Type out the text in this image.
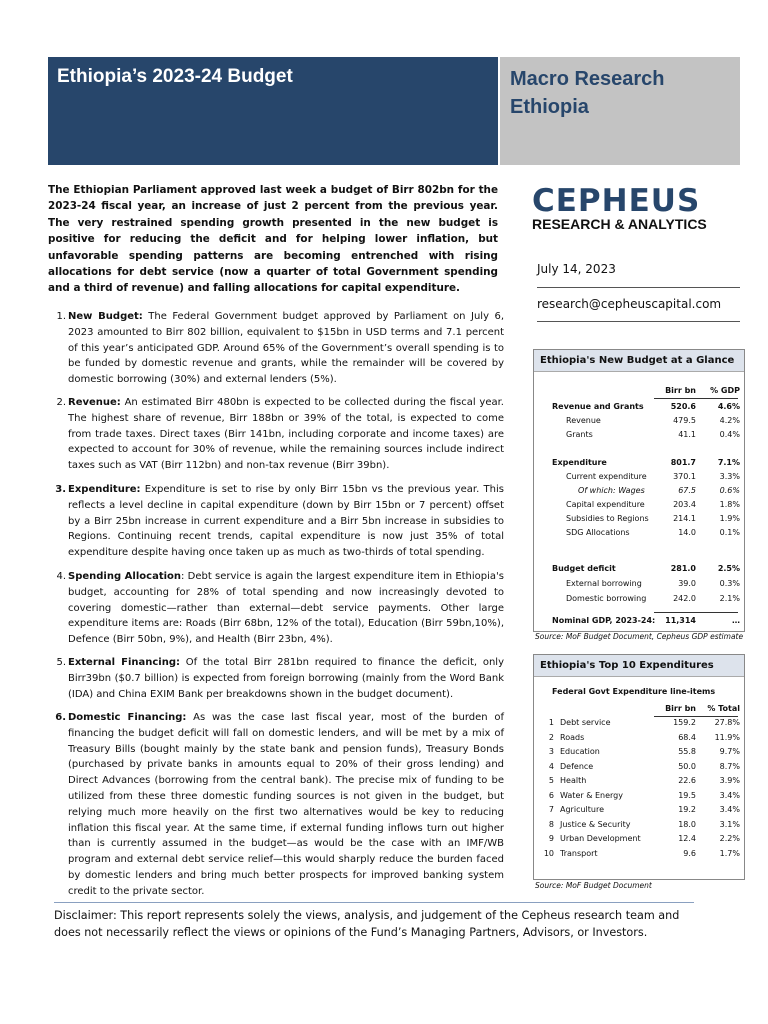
Ethiopia’s 2023-24 Budget	Macro Research
Ethiopia
The Ethiopian Parliament approved last week a budget of Birr 802bn for the 2023-24 fiscal year, an increase of just 2 percent from the previous year. The very restrained spending growth presented in the new budget is positive for reducing the deficit and for helping lower inflation, but unfavorable spending patterns are becoming entrenched with rising allocations for debt service (now a quarter of total Government spending and a third of revenue) and falling allocations for capital expenditure.
1. New Budget: The Federal Government budget approved by Parliament on July 6, 2023 amounted to Birr 802 billion, equivalent to $15bn in USD terms and 7.1 percent of this year’s anticipated GDP. Around 65% of the Government’s overall spending is to be funded by domestic revenue and grants, while the remainder will be covered by domestic borrowing (30%) and external lenders (5%).
2. Revenue: An estimated Birr 480bn is expected to be collected during the fiscal year. The highest share of revenue, Birr 188bn or 39% of the total, is expected to come from trade taxes. Direct taxes (Birr 141bn, including corporate and income taxes) are expected to account for 30% of revenue, while the remaining sources include indirect taxes such as VAT (Birr 112bn) and non-tax revenue (Birr 39bn).
3. Expenditure: Expenditure is set to rise by only Birr 15bn vs the previous year. This reflects a level decline in capital expenditure (down by Birr 15bn or 7 percent) offset by a Birr 25bn increase in current expenditure and a Birr 5bn increase in subsidies to Regions. Continuing recent trends, capital expenditure is now just 35% of total expenditure despite having once taken up as much as two-thirds of total spending.
4. Spending Allocation: Debt service is again the largest expenditure item in Ethiopia's budget, accounting for 28% of total spending and now increasingly devoted to covering domestic—rather than external—debt service payments. Other large expenditure items are: Roads (Birr 68bn, 12% of the total), Education (Birr 59bn,10%), Defence (Birr 50bn, 9%), and Health (Birr 23bn, 4%).
5. External Financing: Of the total Birr 281bn required to finance the deficit, only Birr39bn ($0.7 billion) is expected from foreign borrowing (mainly from the Word Bank (IDA) and China EXIM Bank per breakdowns shown in the budget document).
6. Domestic Financing: As was the case last fiscal year, most of the burden of financing the budget deficit will fall on domestic lenders, and will be met by a mix of Treasury Bills (bought mainly by the state bank and pension funds), Treasury Bonds (purchased by private banks in amounts equal to 20% of their gross lending) and Direct Advances (borrowing from the central bank). The precise mix of funding to be utilized from these three domestic funding sources is not given in the budget, but relying much more heavily on the first two alternatives would be key to reducing inflation this fiscal year. At the same time, if external funding inflows turn out higher than is currently assumed in the budget—as would be the case with an IMF/WB program and external debt service relief—this would sharply reduce the burden faced by domestic lenders and bring much better prospects for improved banking system credit to the private sector.
CEPHEUS
RESEARCH & ANALYTICS
July 14, 2023
research@cepheuscapital.com
Ethiopia's New Budget at a Glance
Birr bn % GDP
Revenue and Grants	520.6	4.6%
Revenue	479.5	4.2%
Grants	41.1	0.4%
Expenditure	801.7	7.1%
Current expenditure	370.1	3.3%
Of which: Wages	67.5	0.6%
Capital expenditure	203.4	1.8%
Subsidies to Regions	214.1	1.9%
SDG Allocations	14.0	0.1%
Budget deficit	281.0	2.5%
External borrowing	39.0	0.3%
Domestic borrowing	242.0	2.1%
Nominal GDP, 2023-24: 11,314	…
Source: MoF Budget Document, Cepheus GDP estimate
Ethiopia's Top 10 Expenditures
Federal Govt Expenditure line-items
Birr bn % Total
1 Debt service	159.2 27.8%
2 Roads	68.4 11.9%
3 Education	55.8	9.7%
4 Defence	50.0	8.7%
5 Health	22.6	3.9%
6 Water & Energy	19.5	3.4%
7 Agriculture	19.2	3.4%
8 Justice & Security	18.0	3.1%
9 Urban Development	12.4	2.2%
10 Transport	9.6	1.7%
Source: MoF Budget Document
Disclaimer: This report represents solely the views, analysis, and judgement of the Cepheus research team and does not necessarily reflect the views or opinions of the Fund’s Managing Partners, Advisors, or Investors.
